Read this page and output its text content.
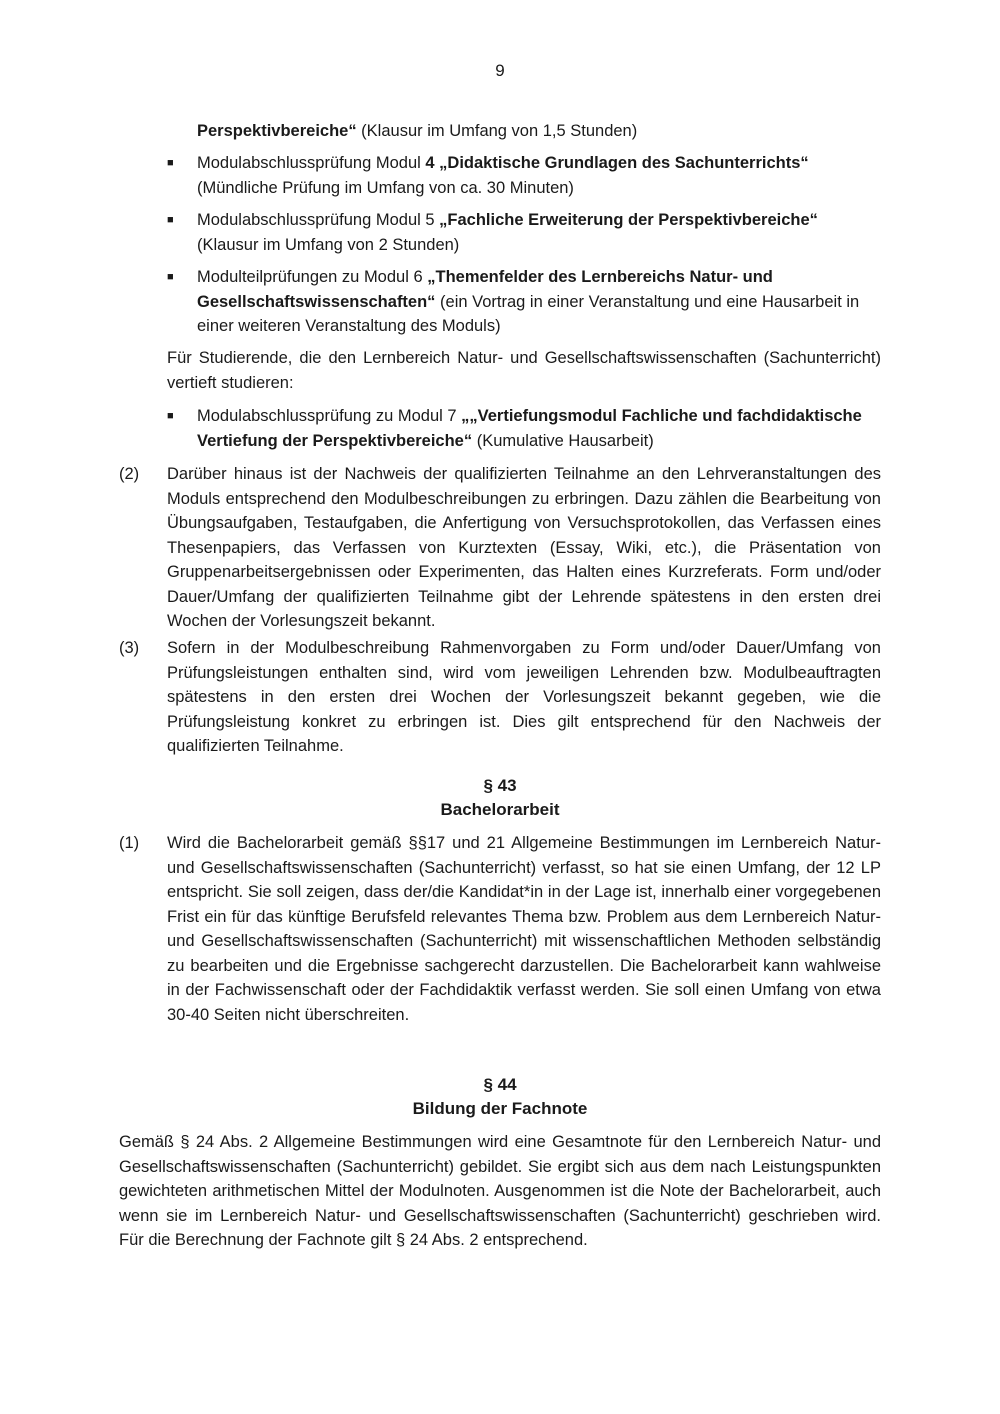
9
Perspektivbereiche“ (Klausur im Umfang von 1,5 Stunden)
■	Modulabschlussprüfung Modul 4 „Didaktische Grundlagen des Sachunterrichts“
(Mündliche Prüfung im Umfang von ca. 30 Minuten)
■	Modulabschlussprüfung Modul 5 „Fachliche Erweiterung der Perspektivbereiche“
(Klausur im Umfang von 2 Stunden)
■	Modulteilprüfungen zu Modul 6 „Themenfelder des Lernbereichs Natur- und
Gesellschaftswissenschaften“ (ein Vortrag in einer Veranstaltung und eine Hausarbeit in
einer weiteren Veranstaltung des Moduls)
Für Studierende, die den Lernbereich Natur- und Gesellschaftswissenschaften (Sachunterricht) vertieft studieren:
■	Modulabschlussprüfung zu Modul 7 „„Vertiefungsmodul Fachliche und fachdidaktische
Vertiefung der Perspektivbereiche“ (Kumulative Hausarbeit)
(2) Darüber hinaus ist der Nachweis der qualifizierten Teilnahme an den Lehrveranstaltungen des Moduls entsprechend den Modulbeschreibungen zu erbringen. Dazu zählen die Bearbeitung von Übungsaufgaben, Testaufgaben, die Anfertigung von Versuchsprotokollen, das Verfassen eines Thesenpapiers, das Verfassen von Kurztexten (Essay, Wiki, etc.), die Präsentation von Gruppenarbeitsergebnissen oder Experimenten, das Halten eines Kurzreferats. Form und/oder Dauer/Umfang der qualifizierten Teilnahme gibt der Lehrende spätestens in den ersten drei Wochen der Vorlesungszeit bekannt.
(3) Sofern in der Modulbeschreibung Rahmenvorgaben zu Form und/oder Dauer/Umfang von Prüfungsleistungen enthalten sind, wird vom jeweiligen Lehrenden bzw. Modulbeauftragten spätestens in den ersten drei Wochen der Vorlesungszeit bekannt gegeben, wie die Prüfungsleistung konkret zu erbringen ist. Dies gilt entsprechend für den Nachweis der qualifizierten Teilnahme.
§ 43
Bachelorarbeit
(1) Wird die Bachelorarbeit gemäß §§17 und 21 Allgemeine Bestimmungen im Lernbereich Natur- und Gesellschaftswissenschaften (Sachunterricht) verfasst, so hat sie einen Umfang, der 12 LP entspricht. Sie soll zeigen, dass der/die Kandidat*in in der Lage ist, innerhalb einer vorgegebenen Frist ein für das künftige Berufsfeld relevantes Thema bzw. Problem aus dem Lernbereich Natur- und Gesellschaftswissenschaften (Sachunterricht) mit wissenschaftlichen Methoden selbständig zu bearbeiten und die Ergebnisse sachgerecht darzustellen. Die Bachelorarbeit kann wahlweise in der Fachwissenschaft oder der Fachdidaktik verfasst werden. Sie soll einen Umfang von etwa 30-40 Seiten nicht überschreiten.
§ 44
Bildung der Fachnote
Gemäß § 24 Abs. 2 Allgemeine Bestimmungen wird eine Gesamtnote für den Lernbereich Natur- und Gesellschaftswissenschaften (Sachunterricht) gebildet. Sie ergibt sich aus dem nach Leistungspunkten gewichteten arithmetischen Mittel der Modulnoten. Ausgenommen ist die Note der Bachelorarbeit, auch wenn sie im Lernbereich Natur- und Gesellschaftswissenschaften (Sachunterricht) geschrieben wird. Für die Berechnung der Fachnote gilt § 24 Abs. 2 entsprechend.
